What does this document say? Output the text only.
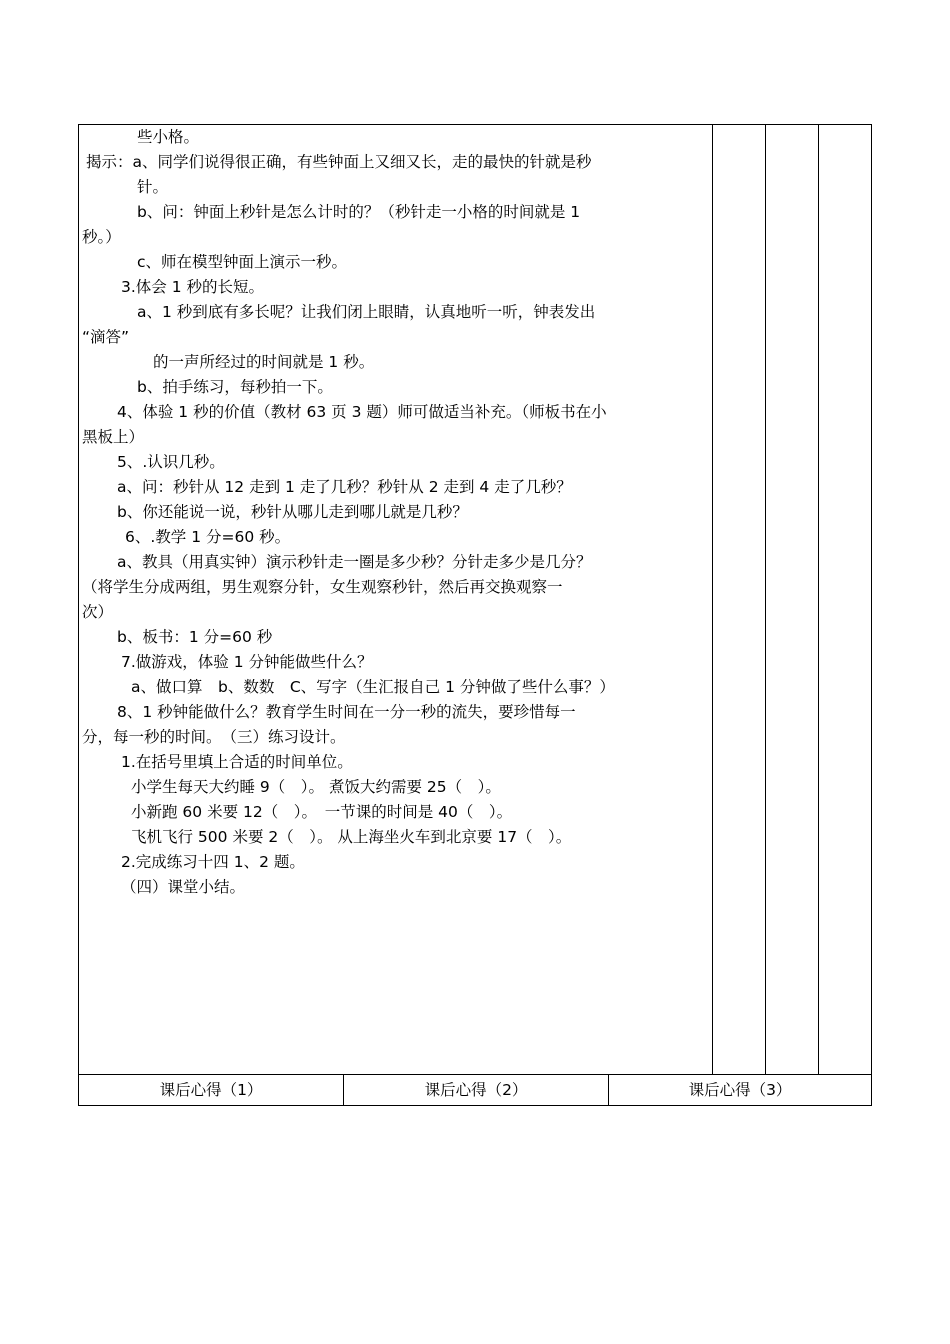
些小格。
揭示：a、同学们说得很正确，有些钟面上又细又长，走的最快的针就是秒
针。
b、问：钟面上秒针是怎么计时的？（秒针走一小格的时间就是 1
秒。）
c、师在模型钟面上演示一秒。
3.体会 1 秒的长短。
a、1 秒到底有多长呢？让我们闭上眼睛，认真地听一听，钟表发出
“滴答”
的一声所经过的时间就是 1 秒。
b、拍手练习，每秒拍一下。
4、体验 1 秒的价值（教材 63 页 3 题）师可做适当补充。（师板书在小
黑板上）
5、.认识几秒。
a、问：秒针从 12 走到 1 走了几秒？秒针从 2 走到 4 走了几秒？
b、你还能说一说，秒针从哪儿走到哪儿就是几秒？
6、.教学 1 分=60 秒。
a、教具（用真实钟）演示秒针走一圈是多少秒？分针走多少是几分？
（将学生分成两组，男生观察分针，女生观察秒针，然后再交换观察一
次）
b、板书：1 分=60 秒
7.做游戏，体验 1 分钟能做些什么？
a、做口算　b、数数　C、写字（生汇报自己 1 分钟做了些什么事？）
8、1 秒钟能做什么？教育学生时间在一分一秒的流失，要珍惜每一
分，每一秒的时间。　（三）练习设计。
1.在括号里填上合适的时间单位。
小学生每天大约睡 9（　）。 煮饭大约需要 25（　）。
小新跑 60 米要 12（　）。　一节课的时间是 40（　）。
飞机飞行 500 米要 2（　）。 从上海坐火车到北京要 17（　）。
2.完成练习十四 1、2 题。
（四）课堂小结。
课后心得（1）	课后心得（2）	课后心得（3）
